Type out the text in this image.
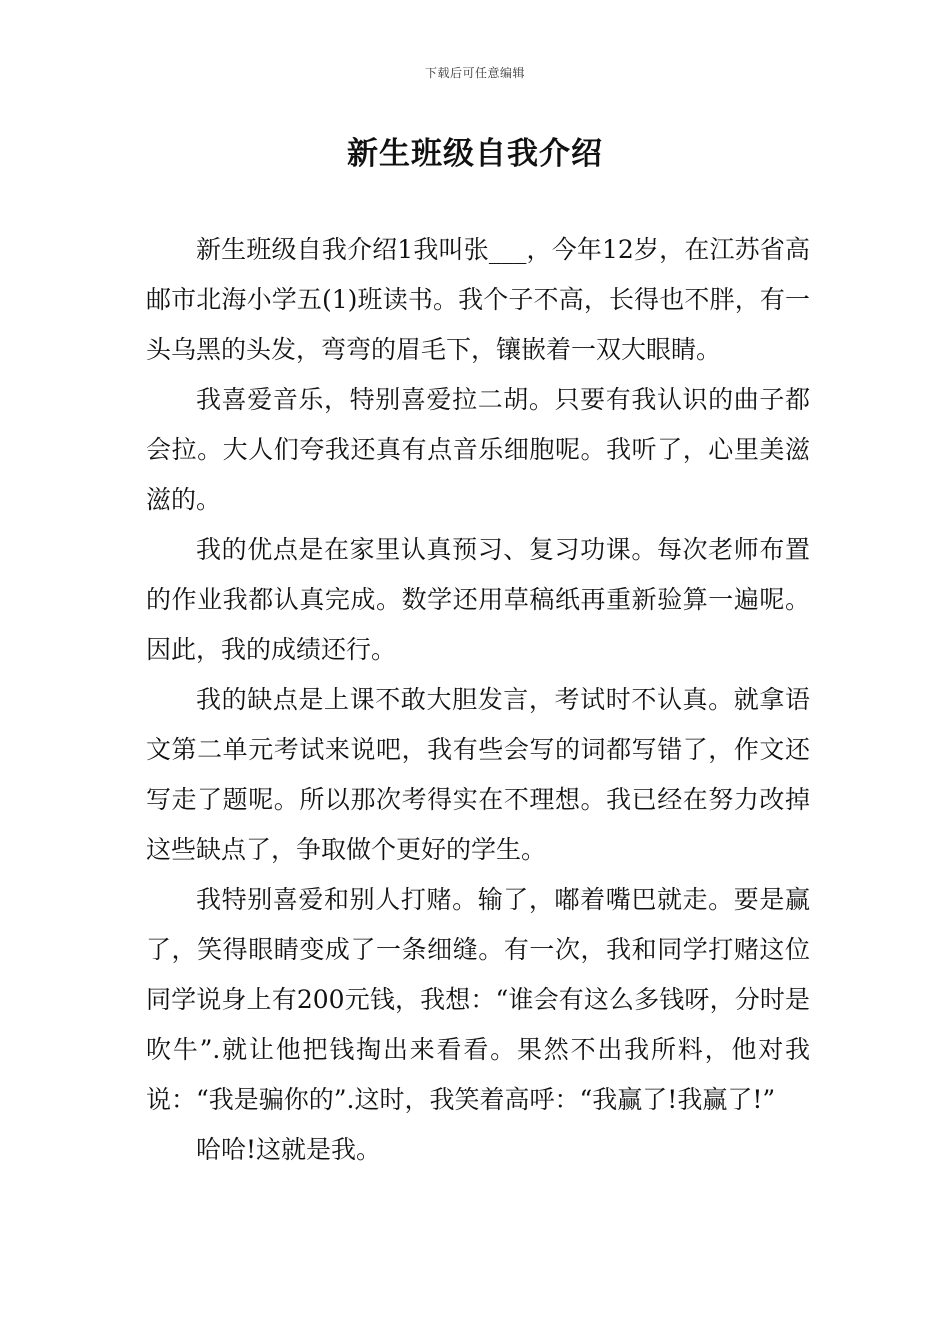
下载后可任意编辑
新生班级自我介绍

新生班级自我介绍1我叫张___，今年12岁，在江苏省高邮市北海小学五(1)班读书。我个子不高，长得也不胖，有一头乌黑的头发，弯弯的眉毛下，镶嵌着一双大眼睛。

我喜爱音乐，特别喜爱拉二胡。只要有我认识的曲子都会拉。大人们夸我还真有点音乐细胞呢。我听了，心里美滋滋的。

我的优点是在家里认真预习、复习功课。每次老师布置的作业我都认真完成。数学还用草稿纸再重新验算一遍呢。因此，我的成绩还行。

我的缺点是上课不敢大胆发言，考试时不认真。就拿语文第二单元考试来说吧，我有些会写的词都写错了，作文还写走了题呢。所以那次考得实在不理想。我已经在努力改掉这些缺点了，争取做个更好的学生。

我特别喜爱和别人打赌。输了，嘟着嘴巴就走。要是赢了，笑得眼睛变成了一条细缝。有一次，我和同学打赌这位同学说身上有200元钱，我想：“谁会有这么多钱呀，分时是吹牛”.就让他把钱掏出来看看。果然不出我所料，他对我说：“我是骗你的”.这时，我笑着高呼：“我赢了!我赢了!”

哈哈!这就是我。
